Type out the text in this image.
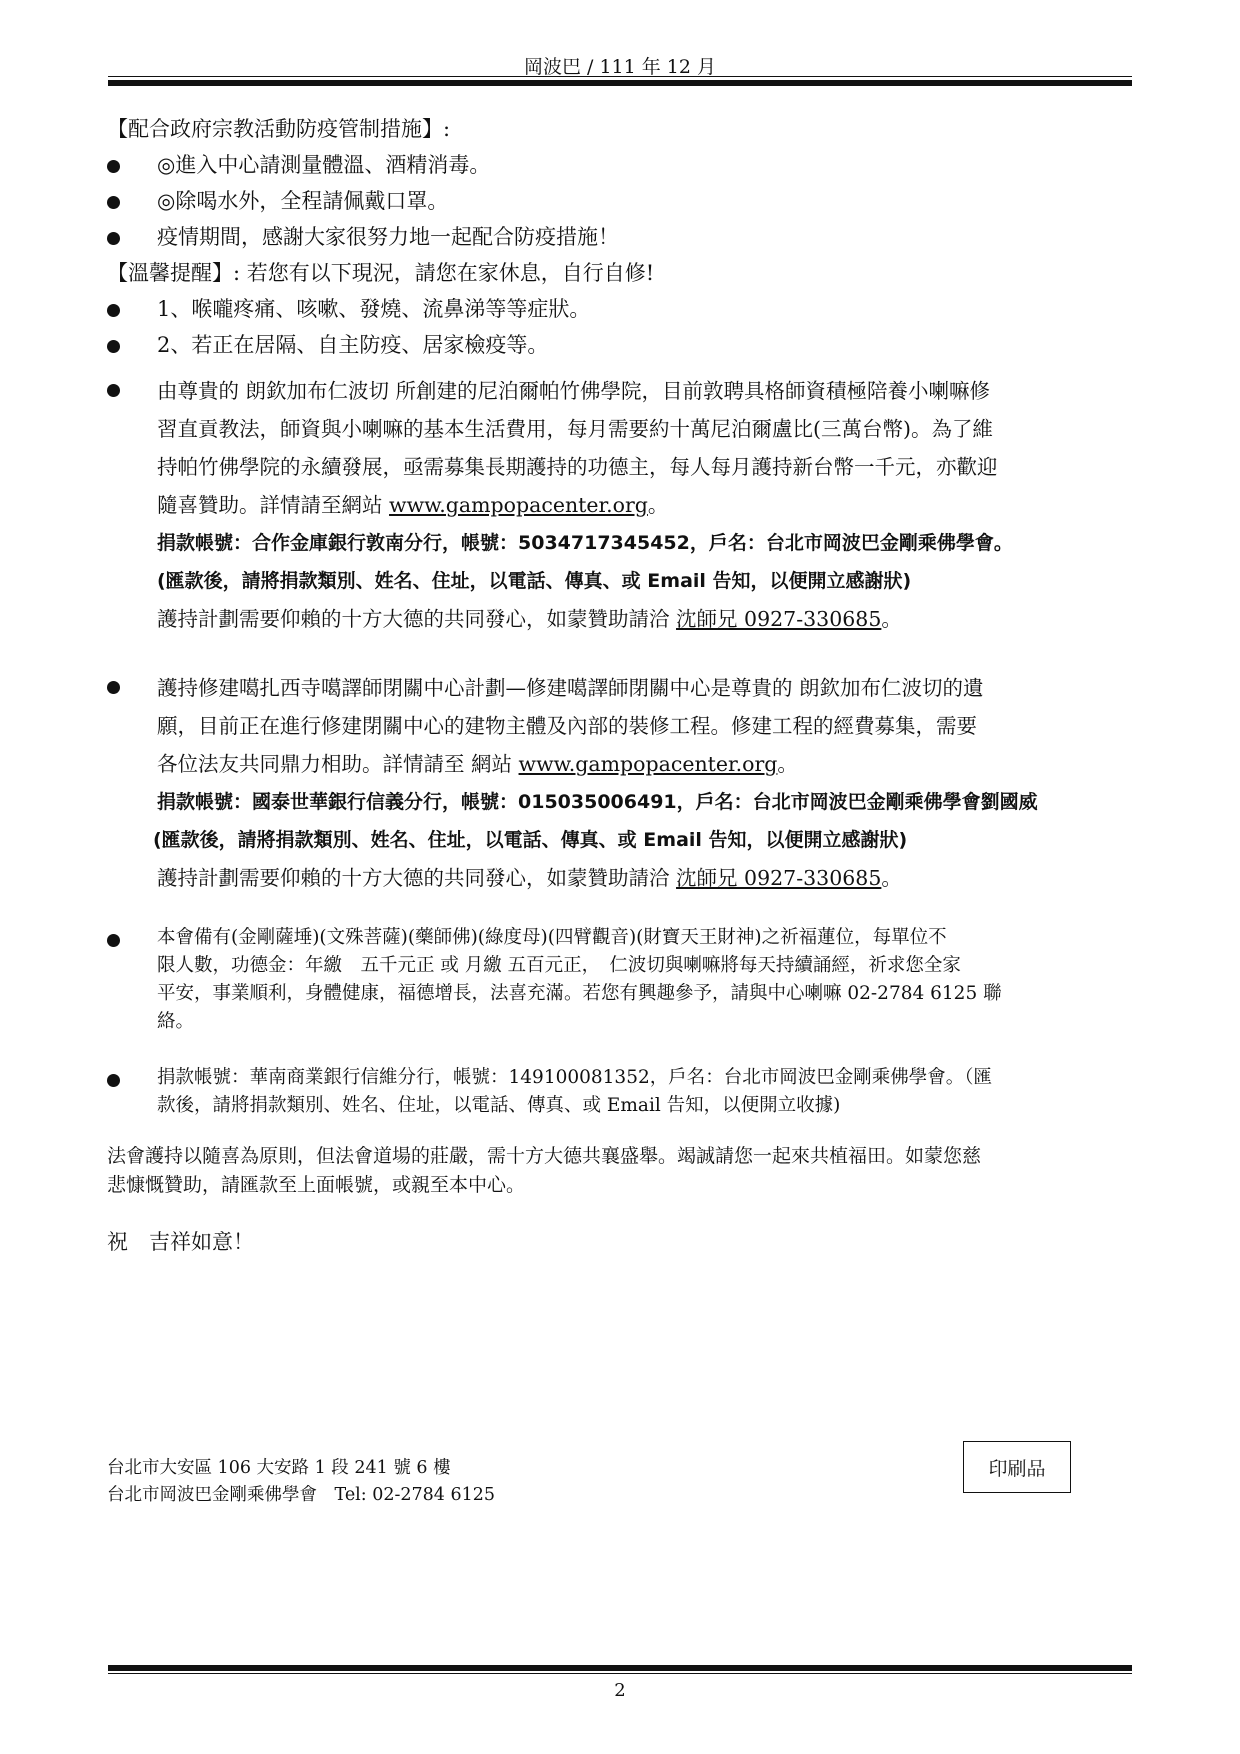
岡波巴 / 111 年 12 月
【配合政府宗教活動防疫管制措施】:
◎進入中心請測量體溫、酒精消毒。
◎除喝水外，全程請佩戴口罩。
疫情期間，感謝大家很努力地一起配合防疫措施！
【溫馨提醒】: 若您有以下現況，請您在家休息，自行自修!
1、喉嚨疼痛、咳嗽、發燒、流鼻涕等等症狀。
2、若正在居隔、自主防疫、居家檢疫等。
由尊貴的 朗欽加布仁波切 所創建的尼泊爾帕竹佛學院，目前敦聘具格師資積極陪養小喇嘛修
習直貢教法，師資與小喇嘛的基本生活費用，每月需要約十萬尼泊爾盧比(三萬台幣)。為了維
持帕竹佛學院的永續發展，亟需募集長期護持的功德主，每人每月護持新台幣一千元，亦歡迎
隨喜贊助。詳情請至網站 www.gampopacenter.org。
捐款帳號：合作金庫銀行敦南分行，帳號：5034717345452，戶名：台北市岡波巴金剛乘佛學會。
(匯款後，請將捐款類別、姓名、住址，以電話、傳真、或 Email 告知，以便開立感謝狀)
護持計劃需要仰賴的十方大德的共同發心，如蒙贊助請洽 沈師兄 0927-330685。
護持修建噶扎西寺噶譯師閉關中心計劃—修建噶譯師閉關中心是尊貴的 朗欽加布仁波切的遺
願，目前正在進行修建閉關中心的建物主體及內部的裝修工程。修建工程的經費募集，需要
各位法友共同鼎力相助。詳情請至 網站 www.gampopacenter.org。
捐款帳號：國泰世華銀行信義分行，帳號：015035006491，戶名：台北市岡波巴金剛乘佛學會劉國威
(匯款後，請將捐款類別、姓名、住址，以電話、傳真、或 Email 告知，以便開立感謝狀)
護持計劃需要仰賴的十方大德的共同發心，如蒙贊助請洽 沈師兄 0927-330685。
本會備有(金剛薩埵)(文殊菩薩)(藥師佛)(綠度母)(四臂觀音)(財寶天王財神)之祈福蓮位，每單位不
限人數，功德金：年繳　五千元正 或 月繳 五百元正，　仁波切與喇嘛將每天持續誦經，祈求您全家
平安，事業順利，身體健康，福德增長，法喜充滿。若您有興趣參予，請與中心喇嘛 02-2784 6125 聯
絡。
捐款帳號：華南商業銀行信維分行，帳號：149100081352，戶名：台北市岡波巴金剛乘佛學會。（匯
款後，請將捐款類別、姓名、住址，以電話、傳真、或 Email 告知，以便開立收據)
法會護持以隨喜為原則，但法會道場的莊嚴，需十方大德共襄盛舉。竭誠請您一起來共植福田。如蒙您慈
悲慷慨贊助，請匯款至上面帳號，或親至本中心。
祝　吉祥如意！
台北市大安區 106 大安路 1 段 241 號 6 樓
台北市岡波巴金剛乘佛學會　Tel: 02-2784 6125
印刷品
2
